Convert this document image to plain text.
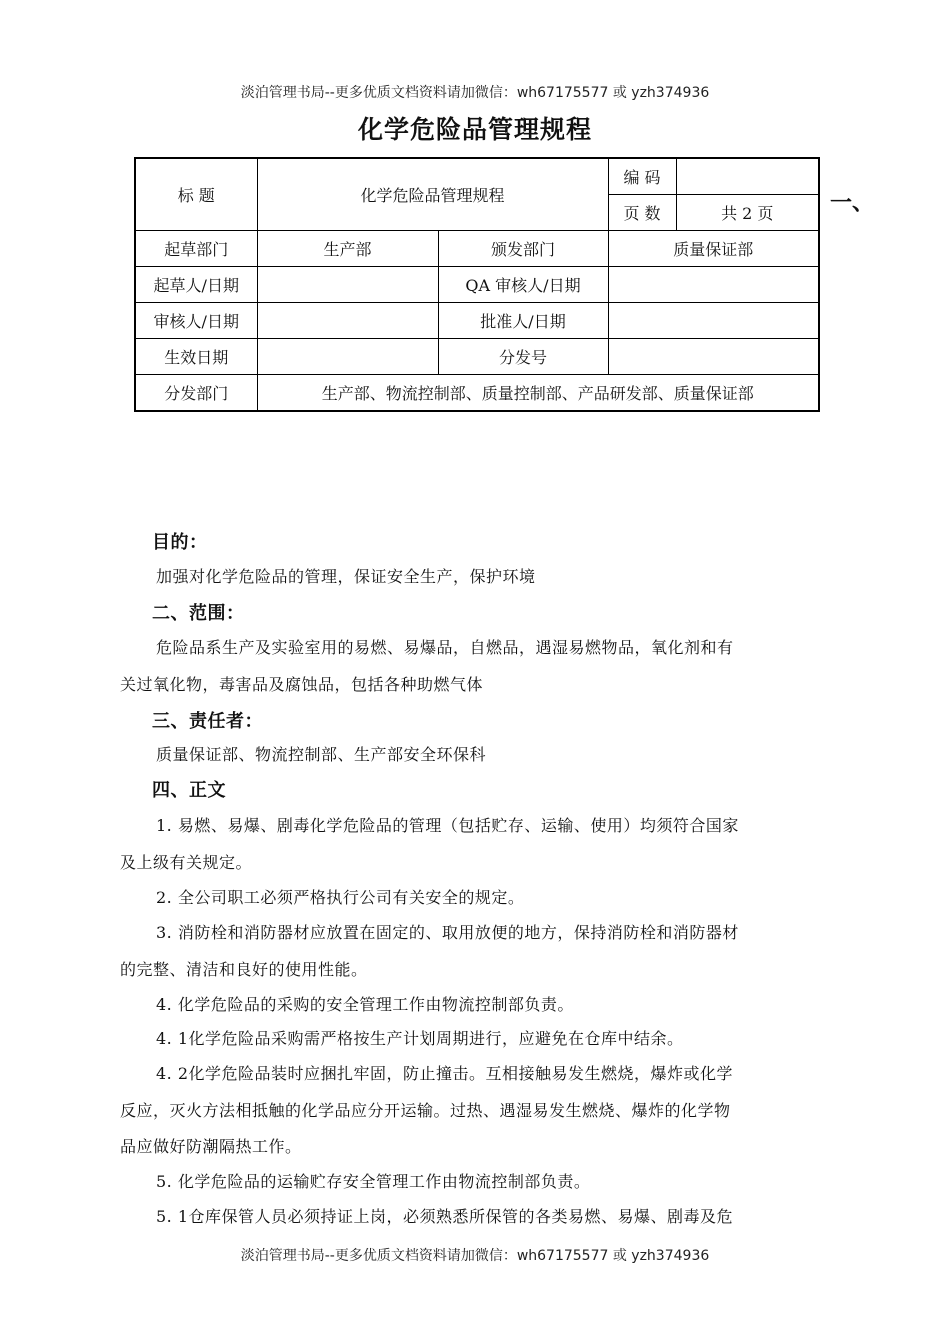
淡泊管理书局--更多优质文档资料请加微信：wh67175577 或 yzh374936
化学危险品管理规程
标 题	化学危险品管理规程		编 码	
			页 数	共 2 页
起草部门	生产部	颁发部门	质量保证部	
起草人/日期		QA 审核人/日期		
审核人/日期		批准人/日期		
生效日期		分发号		
分发部门	生产部、物流控制部、质量控制部、产品研发部、质量保证部			
一、
目的：
加强对化学危险品的管理，保证安全生产，保护环境
二、范围：
危险品系生产及实验室用的易燃、易爆品，自燃品，遇湿易燃物品，氧化剂和有
关过氧化物，毒害品及腐蚀品，包括各种助燃气体
三、责任者：
质量保证部、物流控制部、生产部安全环保科
四、正文
1. 易燃、易爆、剧毒化学危险品的管理（包括贮存、运输、使用）均须符合国家
及上级有关规定。
2. 全公司职工必须严格执行公司有关安全的规定。
3. 消防栓和消防器材应放置在固定的、取用放便的地方，保持消防栓和消防器材
的完整、清洁和良好的使用性能。
4. 化学危险品的采购的安全管理工作由物流控制部负责。
4. 1化学危险品采购需严格按生产计划周期进行，应避免在仓库中结余。
4. 2化学危险品装时应捆扎牢固，防止撞击。互相接触易发生燃烧，爆炸或化学
反应，灭火方法相抵触的化学品应分开运输。过热、遇湿易发生燃烧、爆炸的化学物
品应做好防潮隔热工作。
5. 化学危险品的运输贮存安全管理工作由物流控制部负责。
5. 1仓库保管人员必须持证上岗，必须熟悉所保管的各类易燃、易爆、剧毒及危
淡泊管理书局--更多优质文档资料请加微信：wh67175577 或 yzh374936
